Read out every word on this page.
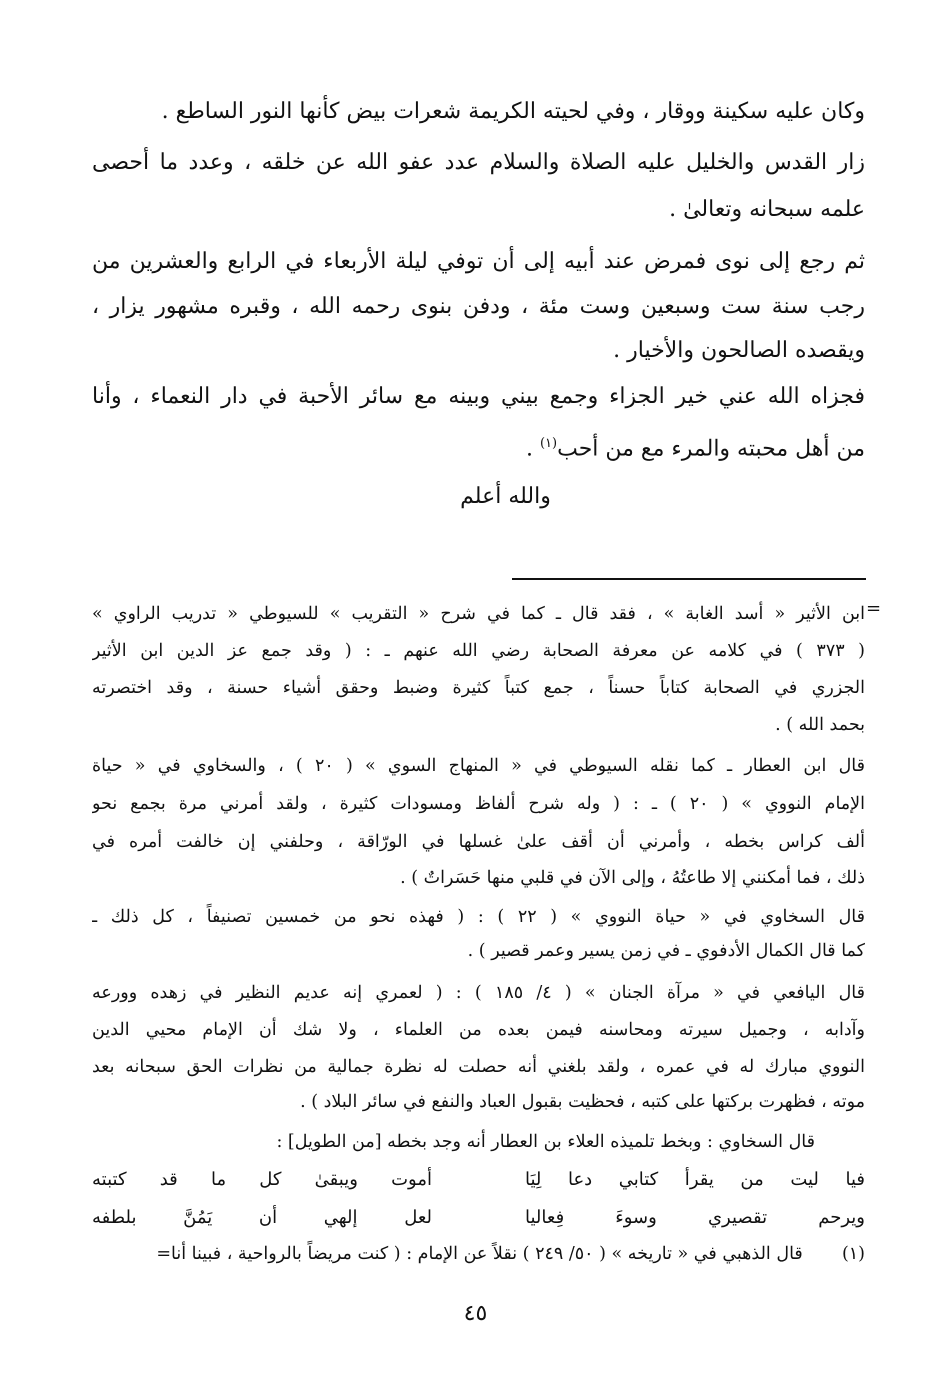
وكان عليه سكينة ووقار ، وفي لحيته الكريمة شعرات بيض كأنها النور الساطع .
زار القدس والخليل عليه الصلاة والسلام عدد عفو الله عن خلقه ، وعدد ما أحصى
علمه سبحانه وتعالىٰ .
ثم رجع إلى نوى فمرض عند أبيه إلى أن توفي ليلة الأربعاء في الرابع والعشرين من
رجب سنة ست وسبعين وست مئة ، ودفن بنوى رحمه الله ، وقبره مشهور يزار ،
ويقصده الصالحون والأخيار .
فجزاه الله عني خير الجزاء وجمع بيني وبينه مع سائر الأحبة في دار النعماء ، وأنا
من أهل محبته والمرء مع من أحب$^{(١)}$ .
والله أعلم
=
ابن الأثير « أسد الغابة » ، فقد قال ـ كما في شرح « التقريب » للسيوطي « تدريب الراوي »
( ٣٧٣ ) في كلامه عن معرفة الصحابة رضي الله عنهم ـ : ( وقد جمع عز الدين ابن الأثير
الجزري في الصحابة كتاباً حسناً ، جمع كتباً كثيرة وضبط وحقق أشياء حسنة ، وقد اختصرته
بحمد الله ) .
قال ابن العطار ـ كما نقله السيوطي في « المنهاج السوي » ( ٢٠ ) ، والسخاوي في « حياة
الإمام النووي » ( ٢٠ ) ـ : ( وله شرح ألفاظ ومسودات كثيرة ، ولقد أمرني مرة بجمع نحو
ألف كراس بخطه ، وأمرني أن أقف علىٰ غسلها في الورّاقة ، وحلفني إن خالفت أمره في
ذلك ، فما أمكنني إلا طاعتُهُ ، وإلى الآن في قلبي منها حَسَراتٌ ) .
قال السخاوي في « حياة النووي » ( ٢٢ ) : ( فهذه نحو من خمسين تصنيفاً ، كل ذلك ـ
كما قال الكمال الأدفوي ـ في زمن يسير وعمر قصير ) .
قال اليافعي في « مرآة الجنان » ( ٤/ ١٨٥ ) : ( لعمري إنه عديم النظير في زهده وورعه
وآدابه ، وجميل سيرته ومحاسنه فيمن بعده من العلماء ، ولا شك أن الإمام محيي الدين
النووي مبارك له في عمره ، ولقد بلغني أنه حصلت له نظرة جمالية من نظرات الحق سبحانه بعد
موته ، فظهرت بركتها على كتبه ، فحظيت بقبول العباد والنفع في سائر البلاد ) .
قال السخاوي : وبخط تلميذه العلاء بن العطار أنه وجد بخطه [من الطويل] :
أموت ويبقىٰ كل ما قد كتبته	فيا ليت من يقرأ كتابي دعا لِيَا
لعل إلهي أن يَمُنَّ بلطفه	ويرحم تقصيري وسوءَ فِعاليا
(١)  قال الذهبي في « تاريخه » ( ٥٠/ ٢٤٩ ) نقلاً عن الإمام : ( كنت مريضاً بالرواحية ، فبينا أنا=
٤٥
